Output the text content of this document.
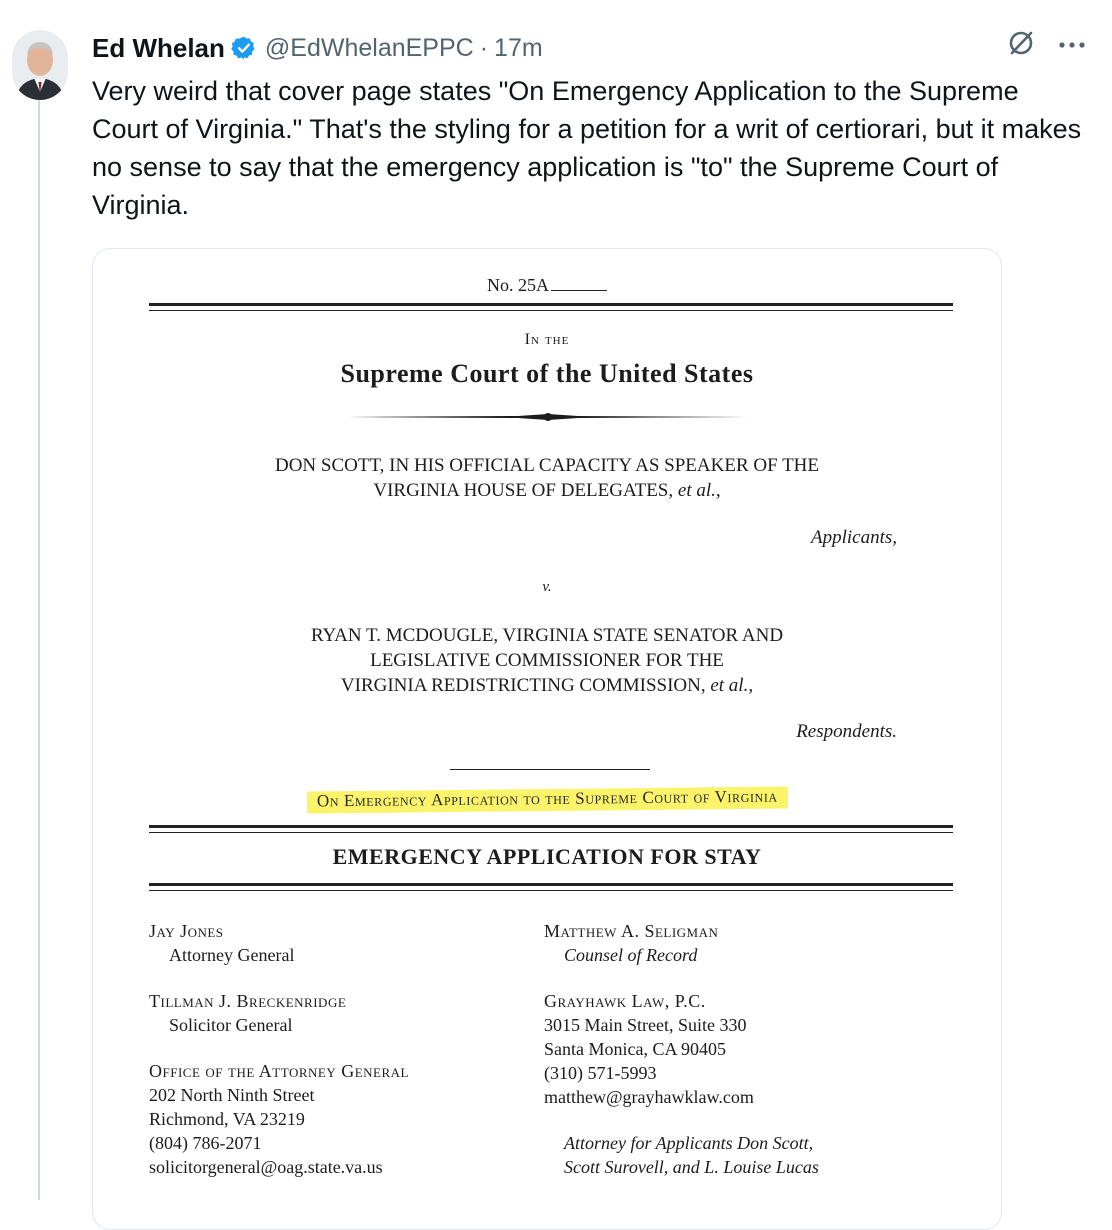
Ed Whelan @EdWhelanEPPC · 17m

Very weird that cover page states "On Emergency Application to the Supreme Court of Virginia." That's the styling for a petition for a writ of certiorari, but it makes no sense to say that the emergency application is "to" the Supreme Court of Virginia.

No. 25A
In the
Supreme Court of the United States
DON SCOTT, IN HIS OFFICIAL CAPACITY AS SPEAKER OF THE
VIRGINIA HOUSE OF DELEGATES, et al.,
Applicants,
v.
RYAN T. MCDOUGLE, VIRGINIA STATE SENATOR AND
LEGISLATIVE COMMISSIONER FOR THE
VIRGINIA REDISTRICTING COMMISSION, et al.,
Respondents.
On Emergency Application to the Supreme Court of Virginia
EMERGENCY APPLICATION FOR STAY
Jay Jones
Attorney General
Tillman J. Breckenridge
Solicitor General
Office of the Attorney General
202 North Ninth Street
Richmond, VA 23219
(804) 786-2071
solicitorgeneral@oag.state.va.us
Matthew A. Seligman
Counsel of Record
Grayhawk Law, P.C.
3015 Main Street, Suite 330
Santa Monica, CA 90405
(310) 571-5993
matthew@grayhawklaw.com
Attorney for Applicants Don Scott,
Scott Surovell, and L. Louise Lucas
